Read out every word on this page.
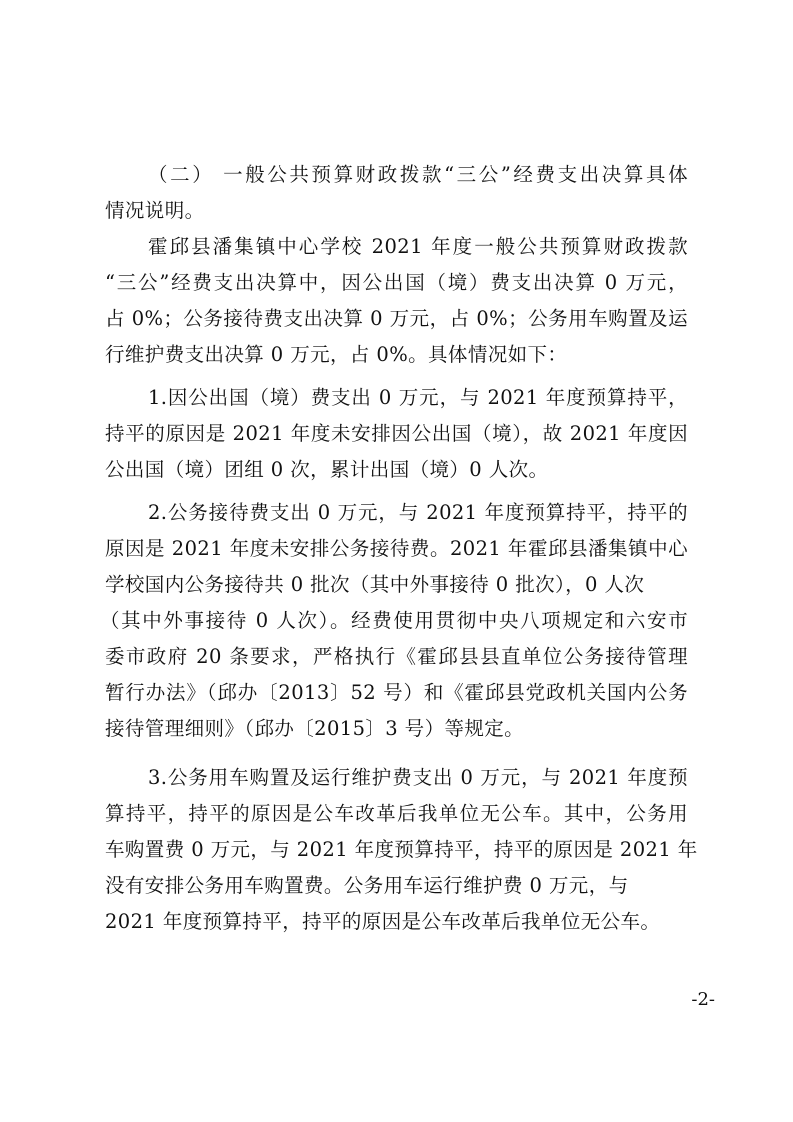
（二） 一般公共预算财政拨款“三公”经费支出决算具体

情况说明。

霍邱县潘集镇中心学校 2021 年度一般公共预算财政拨款

“三公”经费支出决算中，因公出国（境）费支出决算 0 万元，

占 0%；公务接待费支出决算 0 万元，占 0%；公务用车购置及运

行维护费支出决算 0 万元，占 0%。具体情况如下：

1.因公出国（境）费支出 0 万元，与 2021 年度预算持平，

持平的原因是 2021 年度未安排因公出国（境），故 2021 年度因

公出国（境）团组 0 次，累计出国（境）0 人次。

2.公务接待费支出 0 万元，与 2021 年度预算持平，持平的

原因是 2021 年度未安排公务接待费。2021 年霍邱县潘集镇中心

学校国内公务接待共 0 批次（其中外事接待 0 批次），0 人次

（其中外事接待 0 人次）。经费使用贯彻中央八项规定和六安市

委市政府 20 条要求，严格执行《霍邱县县直单位公务接待管理

暂行办法》（邱办〔2013〕52 号）和《霍邱县党政机关国内公务

接待管理细则》（邱办〔2015〕3 号）等规定。

3.公务用车购置及运行维护费支出 0 万元，与 2021 年度预

算持平，持平的原因是公车改革后我单位无公车。其中，公务用

车购置费 0 万元，与 2021 年度预算持平，持平的原因是 2021 年

没有安排公务用车购置费。公务用车运行维护费 0 万元，与

2021 年度预算持平，持平的原因是公车改革后我单位无公车。

-2-
